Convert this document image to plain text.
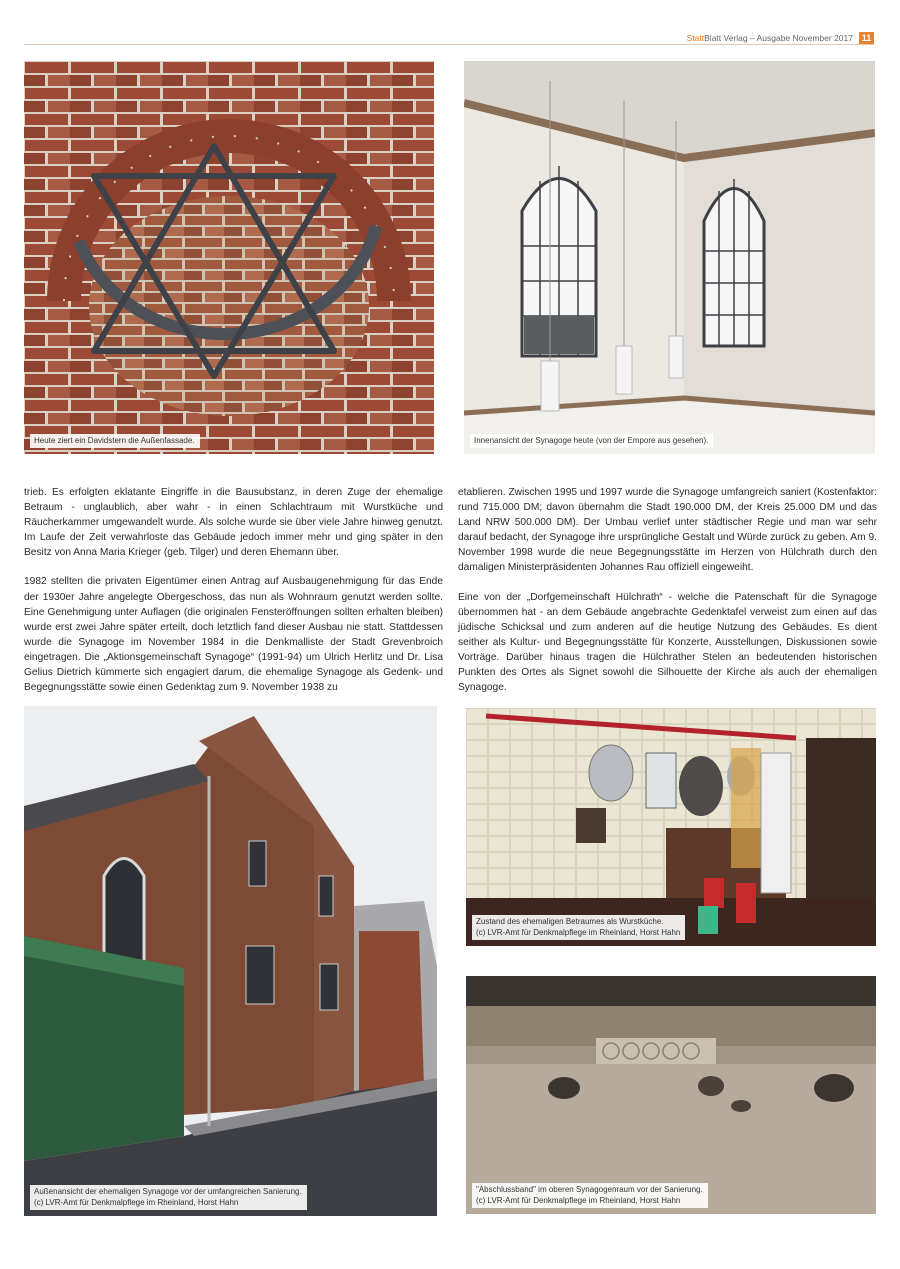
StattBlatt Verlag – Ausgabe November 2017 11
Heute ziert ein Davidstern die Außenfassade.	Innenansicht der Synagoge heute (von der Empore aus gesehen).

trieb. Es erfolgten eklatante Eingriffe in die Bausubstanz, in deren Zuge der ehemalige Betraum - unglaublich, aber wahr - in einen Schlachtraum mit Wurstküche und Räucherkammer umgewandelt wurde. Als solche wurde sie über viele Jahre hinweg genutzt. Im Laufe der Zeit verwahrloste das Gebäude jedoch immer mehr und ging später in den Besitz von Anna Maria Krieger (geb. Tilger) und deren Ehemann über.

1982 stellten die privaten Eigentümer einen Antrag auf Ausbaugenehmigung für das Ende der 1930er Jahre angelegte Obergeschoss, das nun als Wohnraum genutzt werden sollte. Eine Genehmigung unter Auflagen (die originalen Fensteröffnungen sollten erhalten bleiben) wurde erst zwei Jahre später erteilt, doch letztlich fand dieser Ausbau nie statt. Stattdessen wurde die Synagoge im November 1984 in die Denkmalliste der Stadt Grevenbroich eingetragen. Die „Aktionsgemeinschaft Synagoge“ (1991-94) um Ulrich Herlitz und Dr. Lisa Gelius Dietrich kümmerte sich engagiert darum, die ehemalige Synagoge als Gedenk- und Begegnungsstätte sowie einen Gedenktag zum 9. November 1938 zu

etablieren. Zwischen 1995 und 1997 wurde die Synagoge umfangreich saniert (Kostenfaktor: rund 715.000 DM; davon übernahm die Stadt 190.000 DM, der Kreis 25.000 DM und das Land NRW 500.000 DM). Der Umbau verlief unter städtischer Regie und man war sehr darauf bedacht, der Synagoge ihre ursprüngliche Gestalt und Würde zurück zu geben. Am 9. November 1998 wurde die neue Begegnungsstätte im Herzen von Hülchrath durch den damaligen Ministerpräsidenten Johannes Rau offiziell eingeweiht.

Eine von der „Dorfgemeinschaft Hülchrath“ - welche die Patenschaft für die Synagoge übernommen hat - an dem Gebäude angebrachte Gedenktafel verweist zum einen auf das jüdische Schicksal und zum anderen auf die heutige Nutzung des Gebäudes. Es dient seither als Kultur- und Begegnungsstätte für Konzerte, Ausstellungen, Diskussionen sowie Vorträge. Darüber hinaus tragen die Hülchrather Stelen an bedeutenden historischen Punkten des Ortes als Signet sowohl die Silhouette der Kirche als auch der ehemaligen Synagoge.

Außenansicht der ehemaligen Synagoge vor der umfangreichen Sanierung.
(c) LVR-Amt für Denkmalpflege im Rheinland, Horst Hahn
Zustand des ehemaligen Betraumes als Wurstküche.
(c) LVR-Amt für Denkmalpflege im Rheinland, Horst Hahn
"Abschlussband" im oberen Synagogenraum vor der Sanierung.
(c) LVR-Amt für Denkmalpflege im Rheinland, Horst Hahn
